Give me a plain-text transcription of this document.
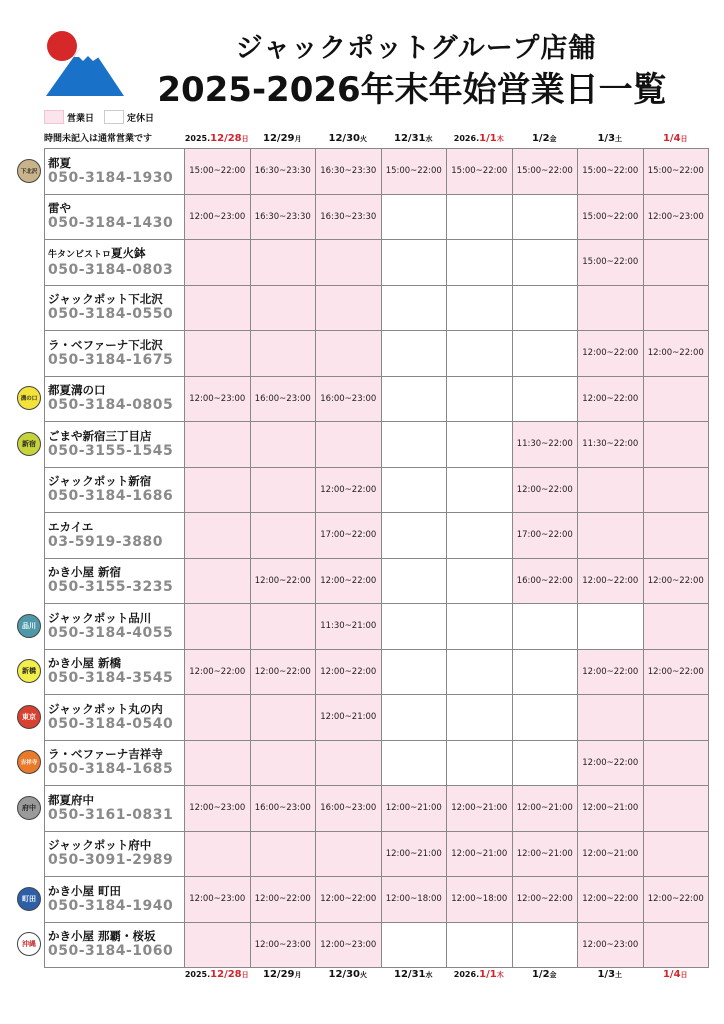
ジャックポットグループ店舗
2025-2026年末年始営業日一覧
営業日	定休日
時間未記入は通常営業です	2025.12/28日	12/29月	12/30火	12/31水	2026.1/1木	1/2金	1/3土	1/4日
都夏
050-3184-1930	15:00~22:00	16:30~23:30	16:30~23:30	15:00~22:00	15:00~22:00	15:00~22:00	15:00~22:00	15:00~22:00

雷や
050-3184-1430	12:00~23:00	16:30~23:30	16:30~23:30				15:00~22:00	12:00~23:00

牛タンビストロ夏火鉢
050-3184-0803							15:00~22:00	

ジャックポット下北沢
050-3184-0550								

ラ・ベファーナ下北沢
050-3184-1675							12:00~22:00	12:00~22:00

都夏溝の口
050-3184-0805	12:00~23:00	16:00~23:00	16:00~23:00				12:00~22:00	

ごまや新宿三丁目店
050-3155-1545						11:30~22:00	11:30~22:00	

ジャックポット新宿
050-3184-1686			12:00~22:00			12:00~22:00		

エカイエ
03-5919-3880			17:00~22:00			17:00~22:00		

かき小屋 新宿
050-3155-3235		12:00~22:00	12:00~22:00			16:00~22:00	12:00~22:00	12:00~22:00

ジャックポット品川
050-3184-4055			11:30~21:00					

かき小屋 新橋
050-3184-3545	12:00~22:00	12:00~22:00	12:00~22:00				12:00~22:00	12:00~22:00

ジャックポット丸の内
050-3184-0540			12:00~21:00					

ラ・ベファーナ吉祥寺
050-3184-1685							12:00~22:00	

都夏府中
050-3161-0831	12:00~23:00	16:00~23:00	16:00~23:00	12:00~21:00	12:00~21:00	12:00~21:00	12:00~21:00	

ジャックポット府中
050-3091-2989				12:00~21:00	12:00~21:00	12:00~21:00	12:00~21:00	

かき小屋 町田
050-3184-1940	12:00~23:00	12:00~22:00	12:00~22:00	12:00~18:00	12:00~18:00	12:00~22:00	12:00~22:00	12:00~22:00

かき小屋 那覇・桜坂
050-3184-1060		12:00~23:00	12:00~23:00				12:00~23:00	
下北沢
溝の口
新宿
品川
新橋
東京
吉祥寺
府中
町田
沖縄
2025.12/28日	12/29月	12/30火	12/31水	2026.1/1木	1/2金	1/3土	1/4日
